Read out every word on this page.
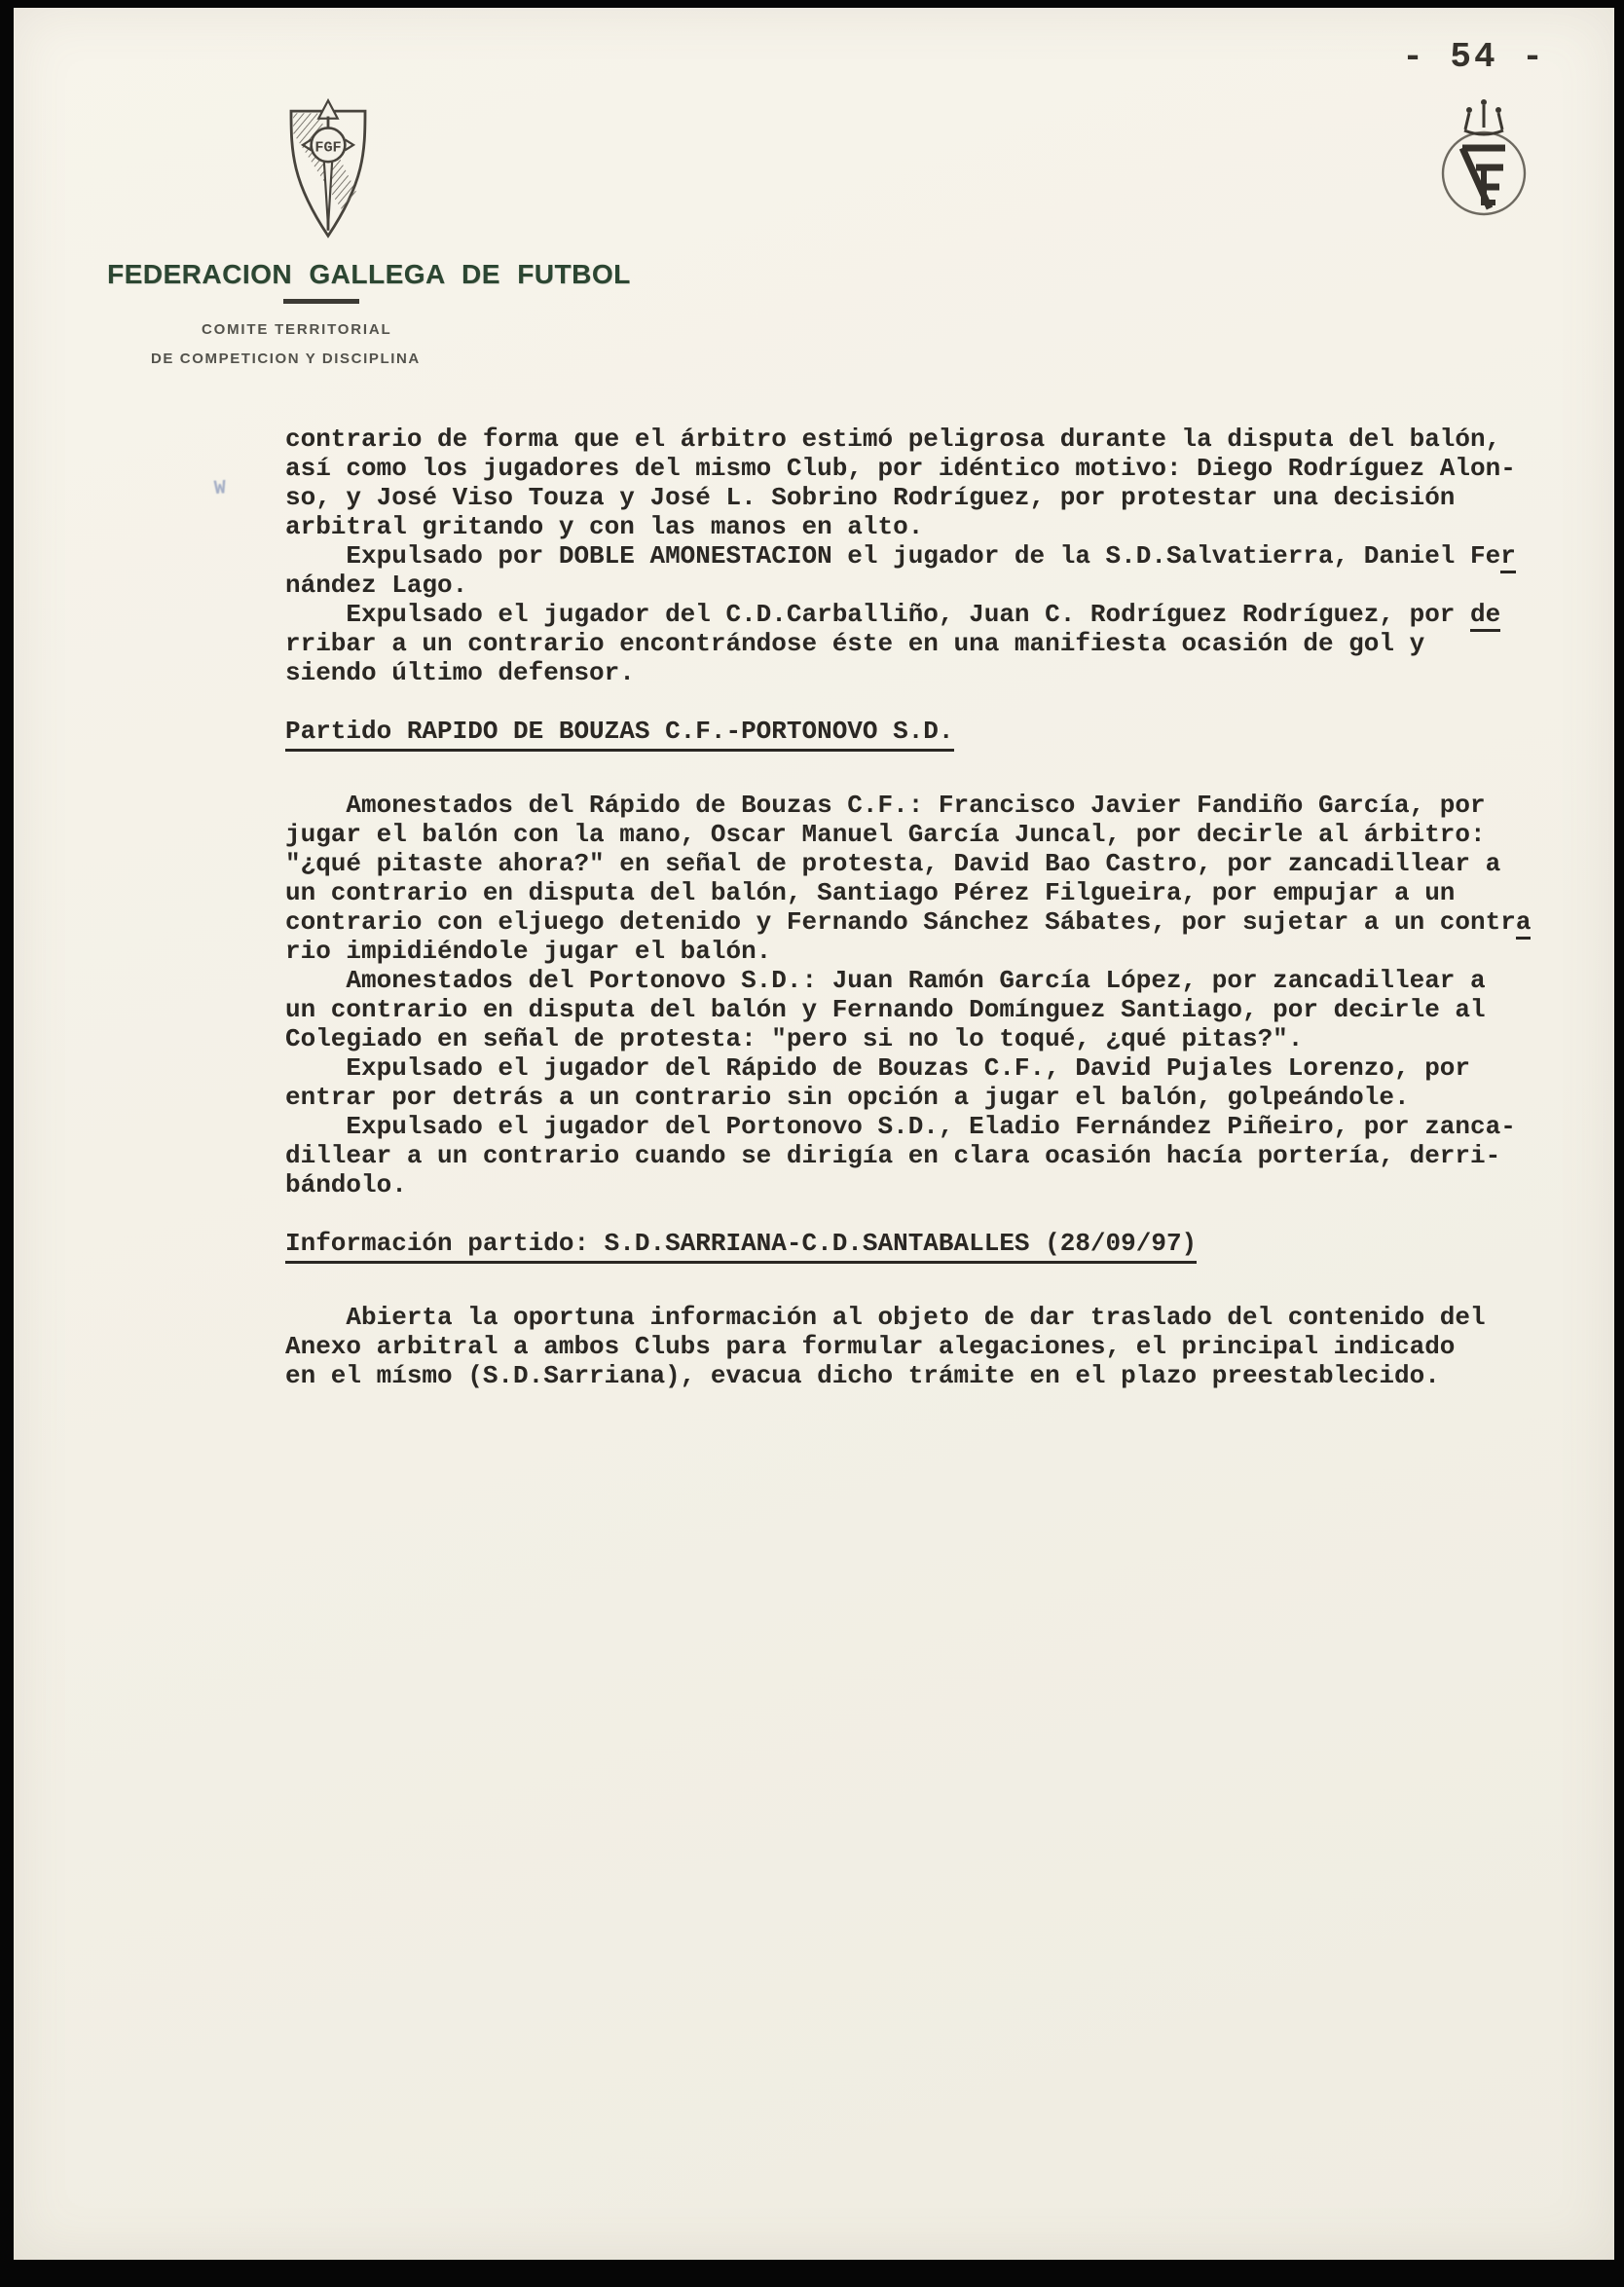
- 54 -
FGF
FEDERACION GALLEGA DE FUTBOL
COMITE TERRITORIAL
DE COMPETICION Y DISCIPLINA
W
contrario de forma que el árbitro estimó peligrosa durante la disputa del balón,
así como los jugadores del mismo Club, por idéntico motivo: Diego Rodríguez Alon-
so, y José Viso Touza y José L. Sobrino Rodríguez, por protestar una decisión
arbitral gritando y con las manos en alto.
Expulsado por DOBLE AMONESTACION el jugador de la S.D.Salvatierra, Daniel Fer
nández Lago.
Expulsado el jugador del C.D.Carballiño, Juan C. Rodríguez Rodríguez, por de
rribar a un contrario encontrándose éste en una manifiesta ocasión de gol y
siendo último defensor.
Partido RAPIDO DE BOUZAS C.F.-PORTONOVO S.D.
Amonestados del Rápido de Bouzas C.F.: Francisco Javier Fandiño García, por
jugar el balón con la mano, Oscar Manuel García Juncal, por decirle al árbitro:
"¿qué pitaste ahora?" en señal de protesta, David Bao Castro, por zancadillear a
un contrario en disputa del balón, Santiago Pérez Filgueira, por empujar a un
contrario con eljuego detenido y Fernando Sánchez Sábates, por sujetar a un contra
rio impidiéndole jugar el balón.
Amonestados del Portonovo S.D.: Juan Ramón García López, por zancadillear a
un contrario en disputa del balón y Fernando Domínguez Santiago, por decirle al
Colegiado en señal de protesta: "pero si no lo toqué, ¿qué pitas?".
Expulsado el jugador del Rápido de Bouzas C.F., David Pujales Lorenzo, por
entrar por detrás a un contrario sin opción a jugar el balón, golpeándole.
Expulsado el jugador del Portonovo S.D., Eladio Fernández Piñeiro, por zanca-
dillear a un contrario cuando se dirigía en clara ocasión hacía portería, derri-
bándolo.
Información partido: S.D.SARRIANA-C.D.SANTABALLES (28/09/97)
Abierta la oportuna información al objeto de dar traslado del contenido del
Anexo arbitral a ambos Clubs para formular alegaciones, el principal indicado
en el mísmo (S.D.Sarriana), evacua dicho trámite en el plazo preestablecido.
